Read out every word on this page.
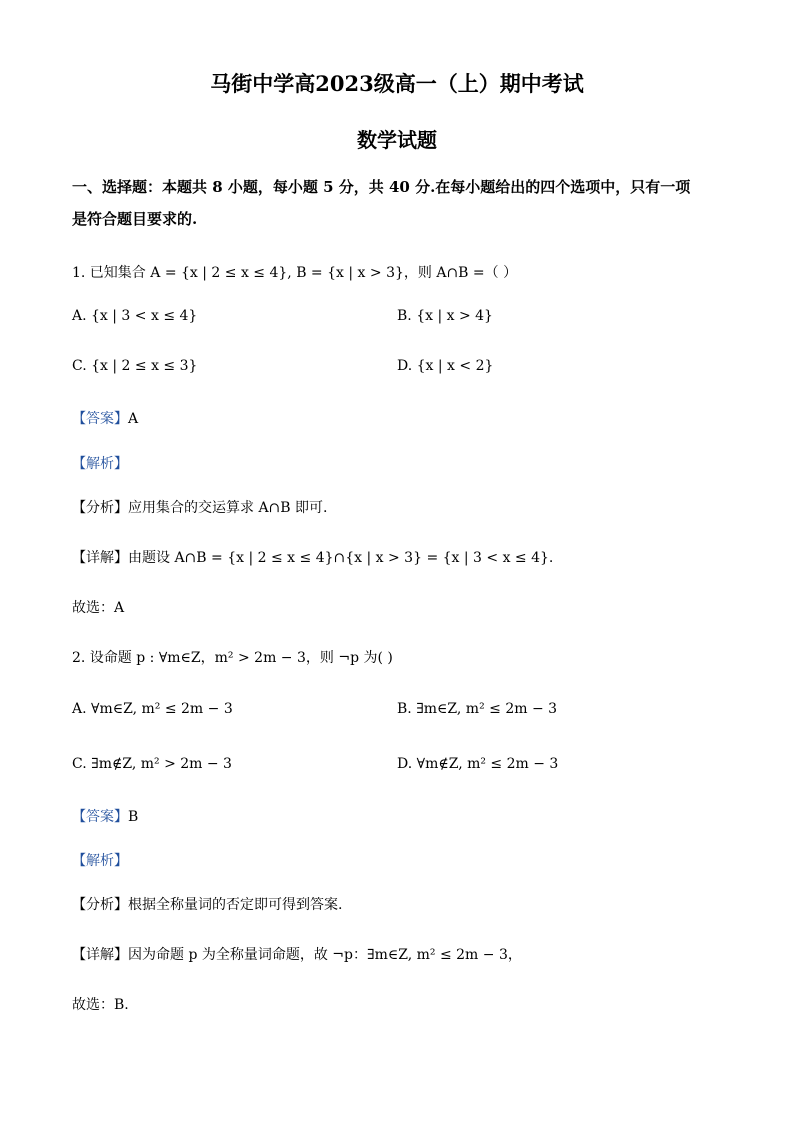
马街中学高2023级高一（上）期中考试
数学试题
一、选择题：本题共 8 小题，每小题 5 分，共 40 分.在每小题给出的四个选项中，只有一项
是符合题目要求的.
1. 已知集合 A = {x | 2 ≤ x ≤ 4}, B = {x | x > 3}，则 A∩B =（ ）
A. {x | 3 < x ≤ 4}	B. {x | x > 4}
C. {x | 2 ≤ x ≤ 3}	D. {x | x < 2}
【答案】A
【解析】
【分析】应用集合的交运算求 A∩B 即可.
【详解】由题设 A∩B = {x | 2 ≤ x ≤ 4}∩{x | x > 3} = {x | 3 < x ≤ 4}.
故选：A
2. 设命题 p : ∀m∈Z，m² > 2m − 3，则 ¬p 为( )
A. ∀m∈Z, m² ≤ 2m − 3	B. ∃m∈Z, m² ≤ 2m − 3
C. ∃m∉Z, m² > 2m − 3	D. ∀m∉Z, m² ≤ 2m − 3
【答案】B
【解析】
【分析】根据全称量词的否定即可得到答案.
【详解】因为命题 p 为全称量词命题，故 ¬p：∃m∈Z, m² ≤ 2m − 3，
故选：B.
